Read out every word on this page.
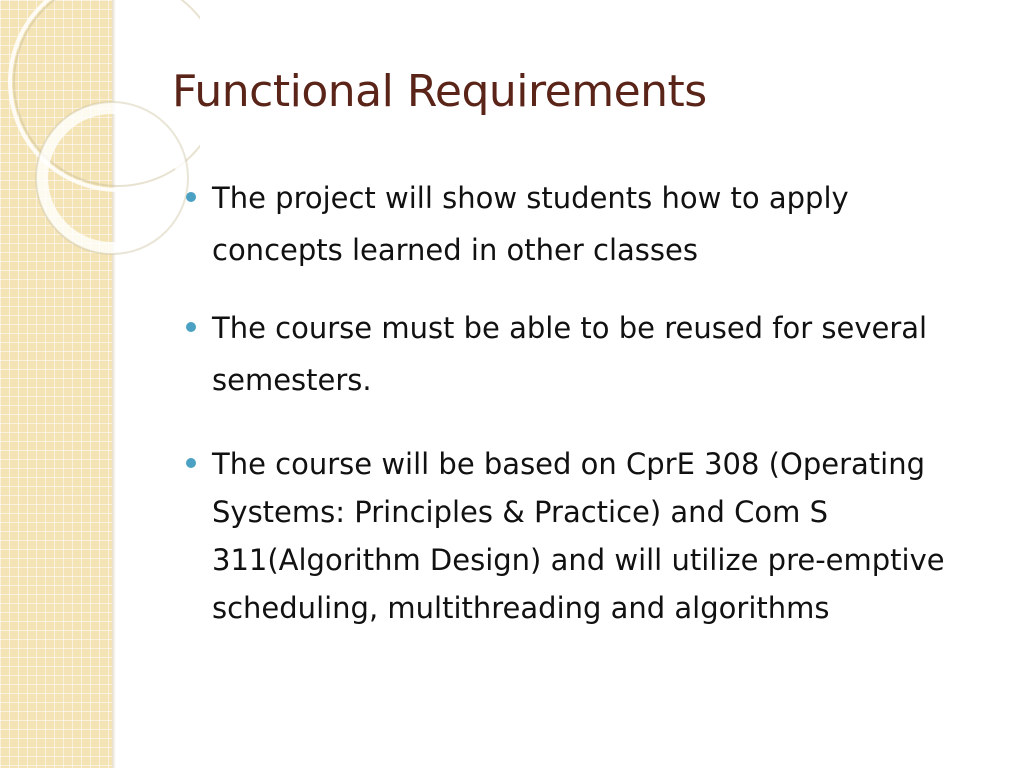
Functional Requirements
The project will show students how to apply concepts learned in other classes
The course must be able to be reused for several semesters.
The course will be based on CprE 308 (Operating Systems: Principles & Practice) and Com S 311(Algorithm Design) and will utilize pre-emptive scheduling, multithreading and algorithms
